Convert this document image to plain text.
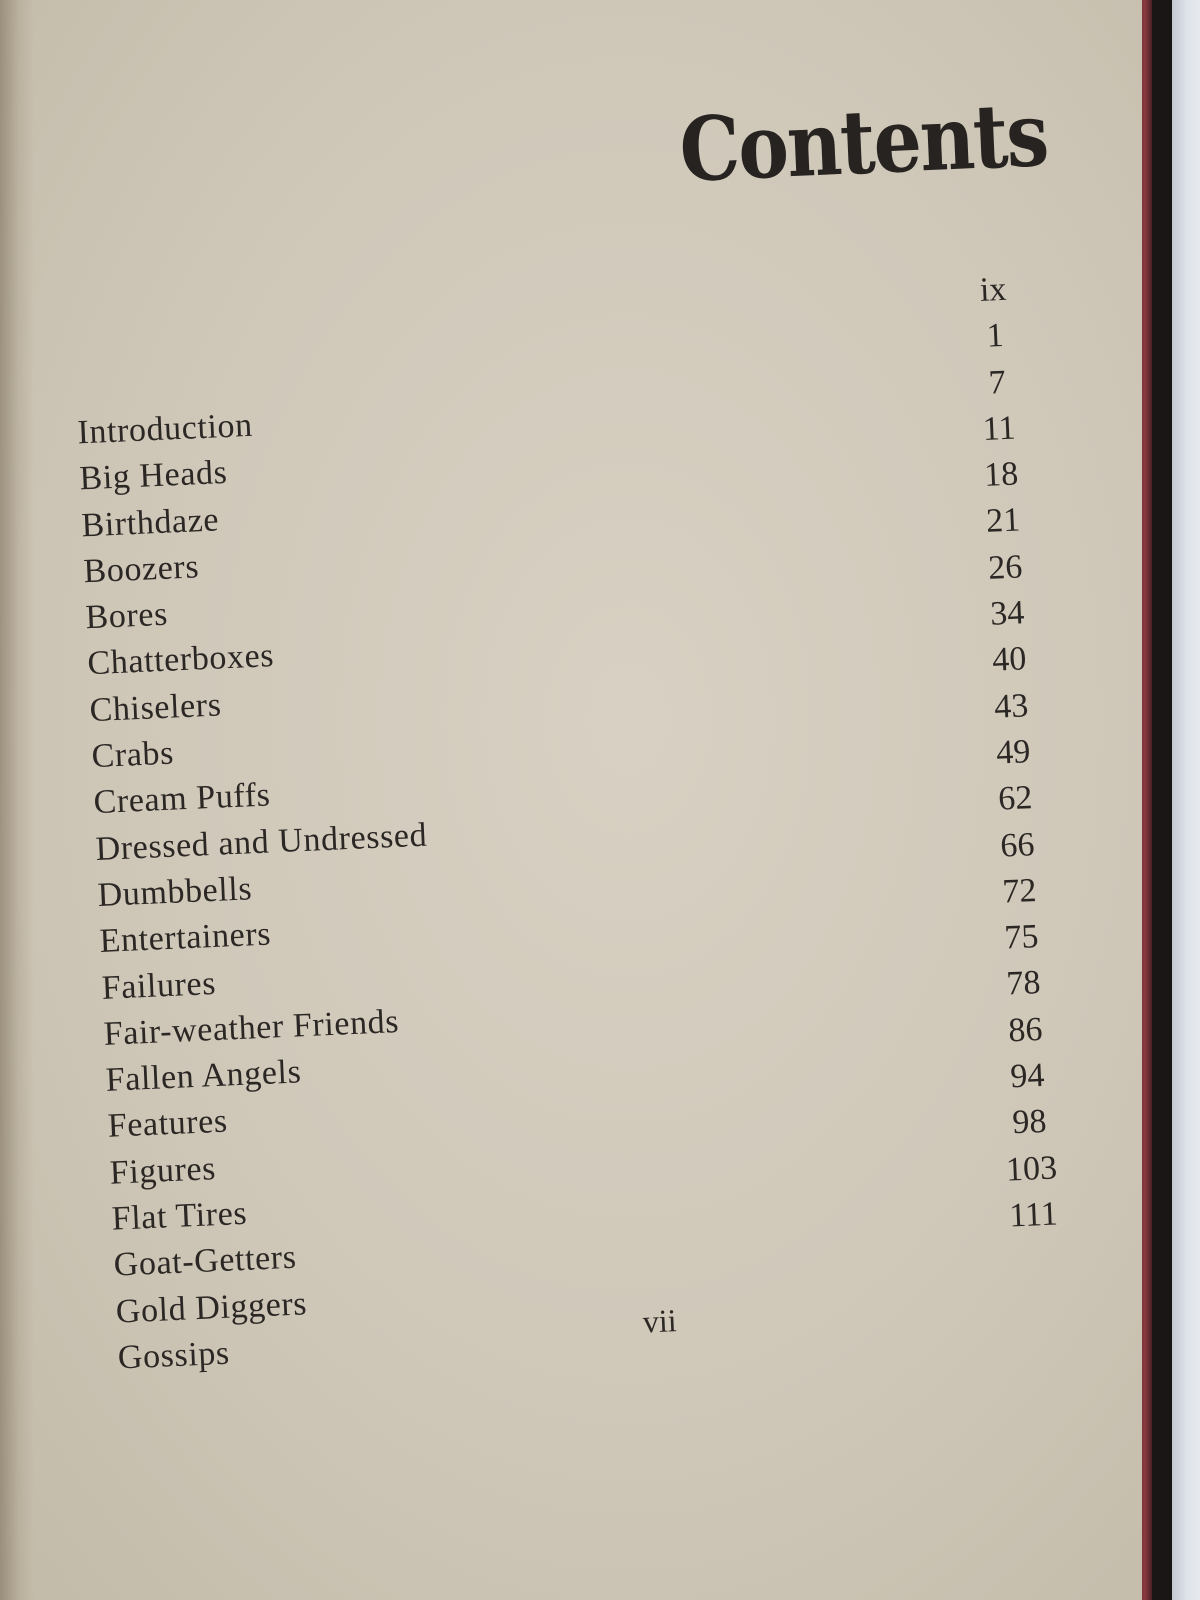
Contents
Introduction
Big Heads
Birthdaze
Boozers
Bores
Chatterboxes
Chiselers
Crabs
Cream Puffs
Dressed and Undressed
Dumbbells
Entertainers
Failures
Fair-weather Friends
Fallen Angels
Features
Figures
Flat Tires
Goat-Getters
Gold Diggers
Gossips
ix
1
7
11
18
21
26
34
40
43
49
62
66
72
75
78
86
94
98
103
111
vii
